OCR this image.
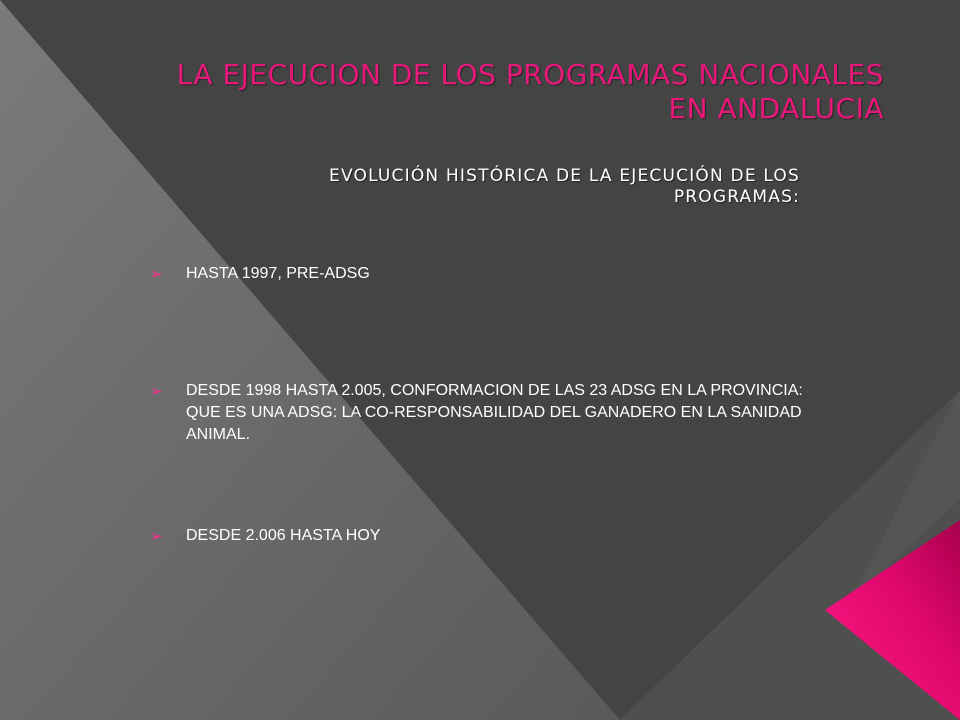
LA EJECUCION DE LOS PROGRAMAS NACIONALES EN ANDALUCIA
EVOLUCIÓN HISTÓRICA DE LA EJECUCIÓN DE LOS
PROGRAMAS:
➢ HASTA 1997, PRE-ADSG
➢ DESDE 1998 HASTA 2.005, CONFORMACION DE LAS 23 ADSG EN LA PROVINCIA: QUE ES UNA ADSG: LA CO-RESPONSABILIDAD DEL GANADERO EN LA SANIDAD ANIMAL.
➢ DESDE 2.006 HASTA HOY
